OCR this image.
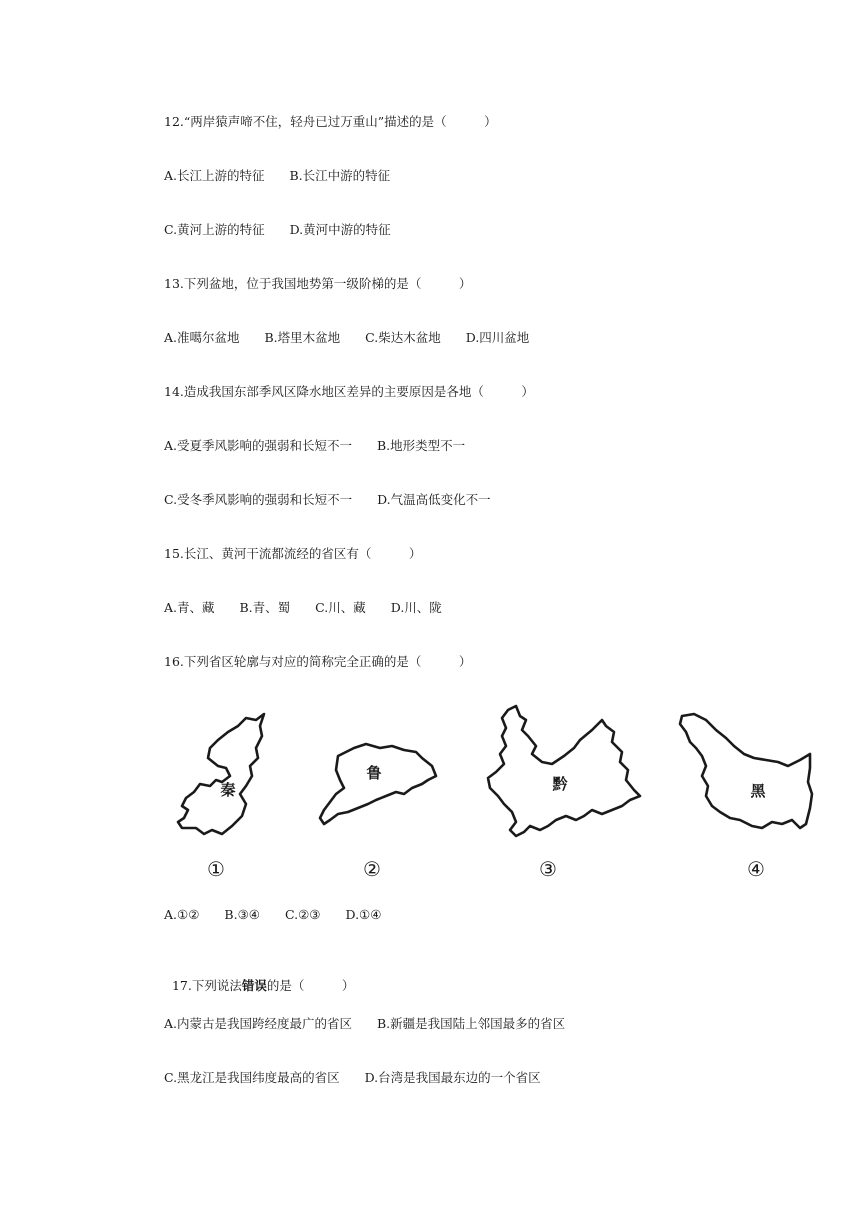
12.“两岸猿声啼不住，轻舟已过万重山”描述的是（　　　）
A.长江上游的特征　　B.长江中游的特征
C.黄河上游的特征　　D.黄河中游的特征
13.下列盆地，位于我国地势第一级阶梯的是（　　　）
A.准噶尔盆地　　B.塔里木盆地　　C.柴达木盆地　　D.四川盆地
14.造成我国东部季风区降水地区差异的主要原因是各地（　　　）
A.受夏季风影响的强弱和长短不一　　B.地形类型不一
C.受冬季风影响的强弱和长短不一　　D.气温高低变化不一
15.长江、黄河干流都流经的省区有（　　　）
A.青、藏　　B.青、蜀　　C.川、藏　　D.川、陇
16.下列省区轮廓与对应的简称完全正确的是（　　　）
秦
鲁
黔	黑
①	②	③	④
A.①②　　B.③④　　C.②③　　D.①④

17.下列说法错误的是（　　　）

A.内蒙古是我国跨经度最广的省区　　B.新疆是我国陆上邻国最多的省区
C.黑龙江是我国纬度最高的省区　　D.台湾是我国最东边的一个省区
